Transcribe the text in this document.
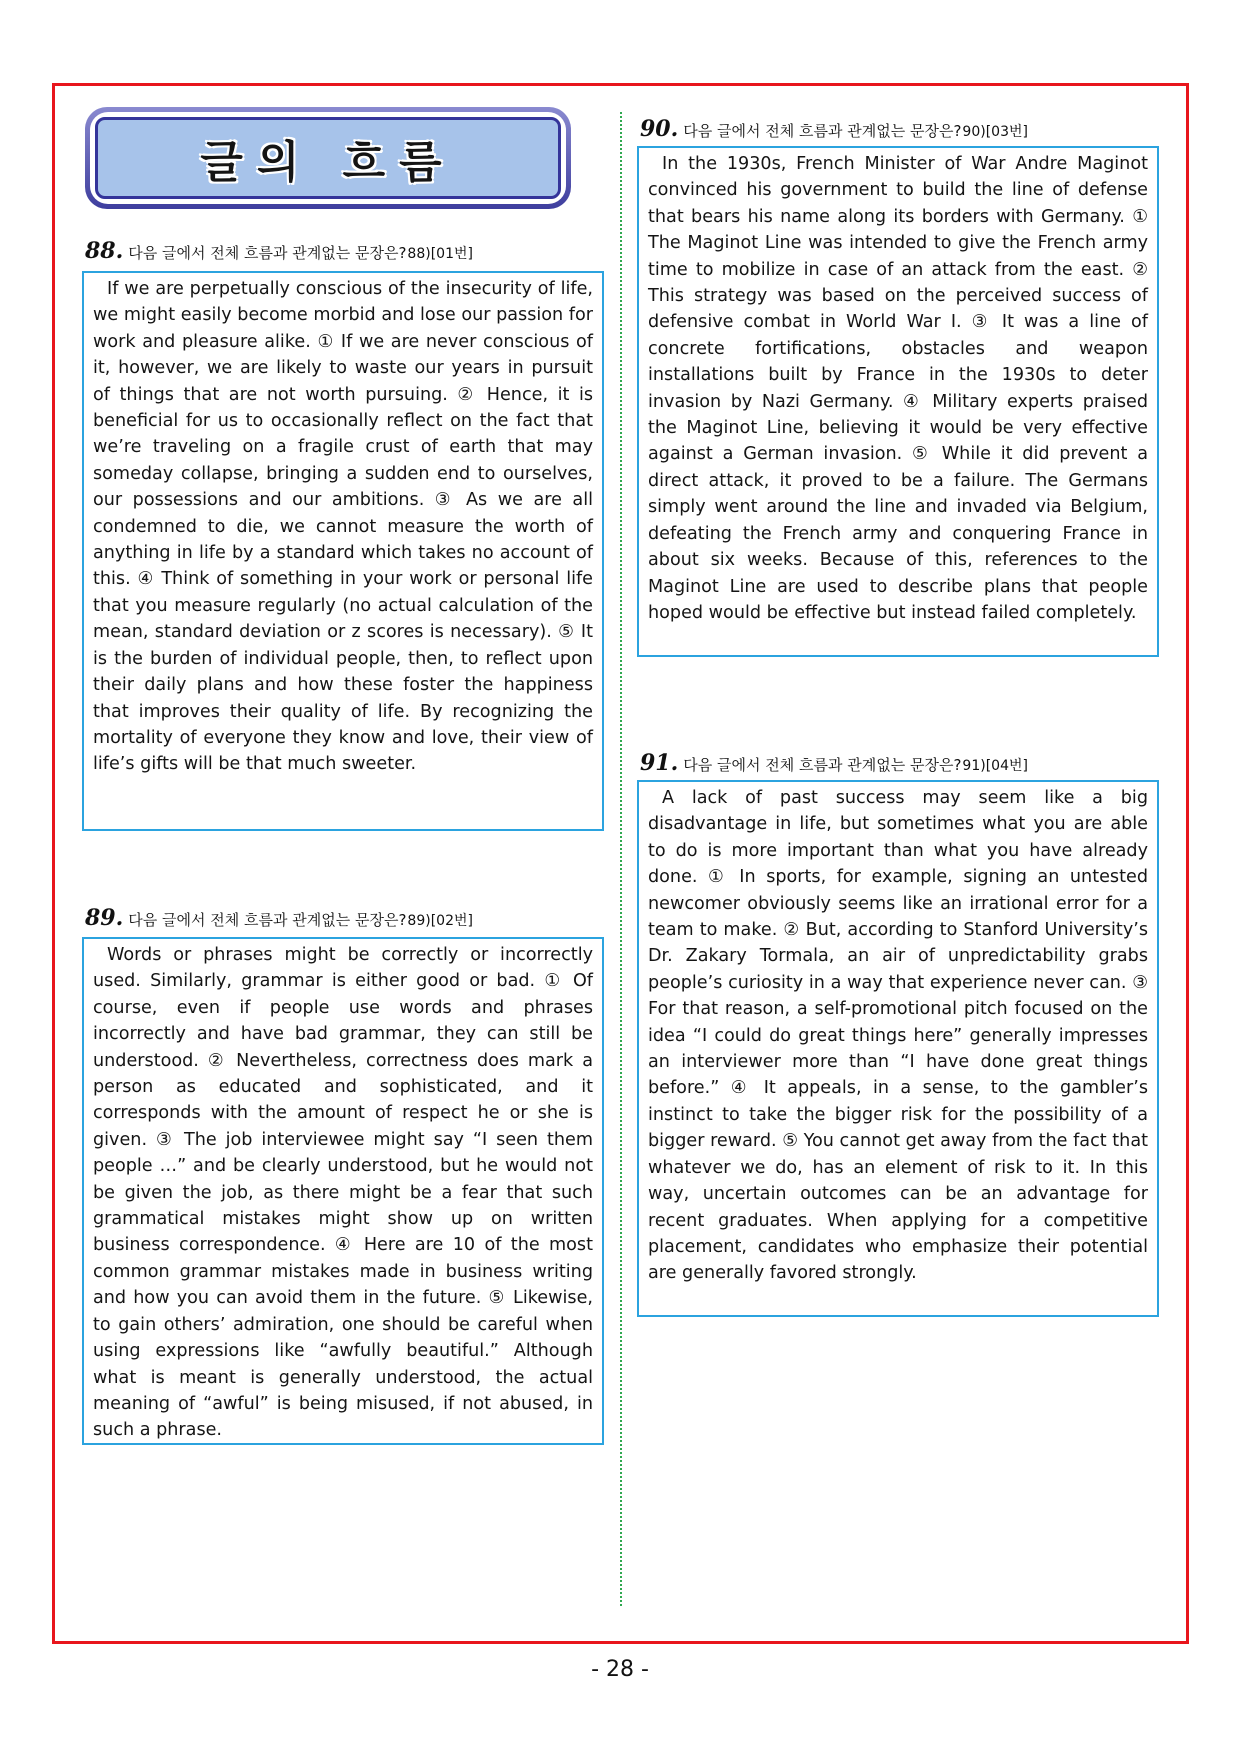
글의 흐름
88. 다음 글에서 전체 흐름과 관계없는 문장은? 88)[01번]

If we are perpetually conscious of the insecurity of life, we might easily become morbid and lose our passion for work and pleasure alike. ① If we are never conscious of it, however, we are likely to waste our years in pursuit of things that are not worth pursuing. ② Hence, it is beneficial for us to occasionally reflect on the fact that we’re traveling on a fragile crust of earth that may someday collapse, bringing a sudden end to ourselves, our possessions and our ambitions. ③ As we are all condemned to die, we cannot measure the worth of anything in life by a standard which takes no account of this. ④ Think of something in your work or personal life that you measure regularly (no actual calculation of the mean, standard deviation or z scores is necessary). ⑤ It is the burden of individual people, then, to reflect upon their daily plans and how these foster the happiness that improves their quality of life. By recognizing the mortality of everyone they know and love, their view of life’s gifts will be that much sweeter.

89. 다음 글에서 전체 흐름과 관계없는 문장은? 89)[02번]

Words or phrases might be correctly or incorrectly used. Similarly, grammar is either good or bad. ① Of course, even if people use words and phrases incorrectly and have bad grammar, they can still be understood. ② Nevertheless, correctness does mark a person as educated and sophisticated, and it corresponds with the amount of respect he or she is given. ③ The job interviewee might say “I seen them people …” and be clearly understood, but he would not be given the job, as there might be a fear that such grammatical mistakes might show up on written business correspondence. ④ Here are 10 of the most common grammar mistakes made in business writing and how you can avoid them in the future. ⑤ Likewise, to gain others’ admiration, one should be careful when using expressions like “awfully beautiful.” Although what is meant is generally understood, the actual meaning of “awful” is being misused, if not abused, in such a phrase.

90. 다음 글에서 전체 흐름과 관계없는 문장은? 90)[03번]

In the 1930s, French Minister of War Andre Maginot convinced his government to build the line of defense that bears his name along its borders with Germany. ① The Maginot Line was intended to give the French army time to mobilize in case of an attack from the east. ② This strategy was based on the perceived success of defensive combat in World War I. ③ It was a line of concrete fortifications, obstacles and weapon installations built by France in the 1930s to deter invasion by Nazi Germany. ④ Military experts praised the Maginot Line, believing it would be very effective against a German invasion. ⑤ While it did prevent a direct attack, it proved to be a failure. The Germans simply went around the line and invaded via Belgium, defeating the French army and conquering France in about six weeks. Because of this, references to the Maginot Line are used to describe plans that people hoped would be effective but instead failed completely.

91. 다음 글에서 전체 흐름과 관계없는 문장은? 91)[04번]

A lack of past success may seem like a big disadvantage in life, but sometimes what you are able to do is more important than what you have already done. ① In sports, for example, signing an untested newcomer obviously seems like an irrational error for a team to make. ② But, according to Stanford University’s Dr. Zakary Tormala, an air of unpredictability grabs people’s curiosity in a way that experience never can. ③ For that reason, a self-promotional pitch focused on the idea “I could do great things here” generally impresses an interviewer more than “I have done great things before.” ④ It appeals, in a sense, to the gambler’s instinct to take the bigger risk for the possibility of a bigger reward. ⑤ You cannot get away from the fact that whatever we do, has an element of risk to it. In this way, uncertain outcomes can be an advantage for recent graduates. When applying for a competitive placement, candidates who emphasize their potential are generally favored strongly.

- 28 -
